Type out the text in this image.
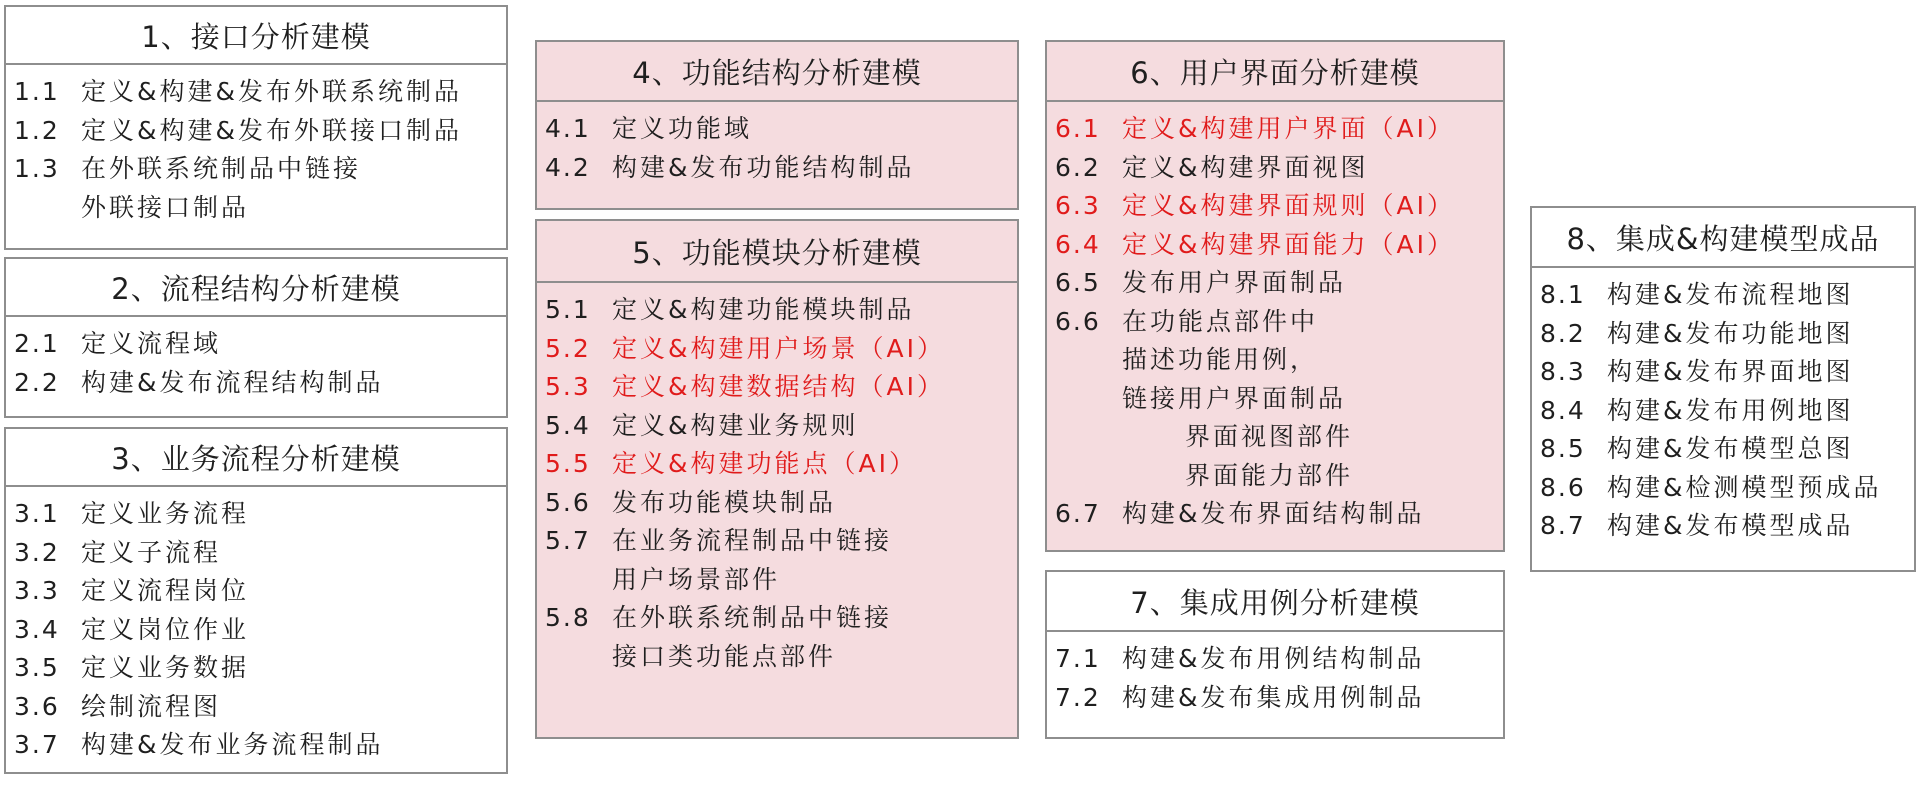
1、接口分析建模
1.1 定义&构建&发布外联系统制品
1.2 定义&构建&发布外联接口制品
1.3 在外联系统制品中链接
外联接口制品
2、流程结构分析建模
2.1 定义流程域
2.2 构建&发布流程结构制品
3、业务流程分析建模
3.1 定义业务流程
3.2 定义子流程
3.3 定义流程岗位
3.4 定义岗位作业
3.5 定义业务数据
3.6 绘制流程图
3.7 构建&发布业务流程制品
4、功能结构分析建模
4.1 定义功能域
4.2 构建&发布功能结构制品
5、功能模块分析建模
5.1 定义&构建功能模块制品
5.2 定义&构建用户场景（AI）
5.3 定义&构建数据结构（AI）
5.4 定义&构建业务规则
5.5 定义&构建功能点（AI）
5.6 发布功能模块制品
5.7 在业务流程制品中链接
用户场景部件
5.8 在外联系统制品中链接
接口类功能点部件
6、用户界面分析建模
6.1 定义&构建用户界面（AI）
6.2 定义&构建界面视图
6.3 定义&构建界面规则（AI）
6.4 定义&构建界面能力（AI）
6.5 发布用户界面制品
6.6 在功能点部件中
描述功能用例，
链接用户界面制品
界面视图部件
界面能力部件
6.7 构建&发布界面结构制品
7、集成用例分析建模
7.1 构建&发布用例结构制品
7.2 构建&发布集成用例制品
8、集成&构建模型成品
8.1 构建&发布流程地图
8.2 构建&发布功能地图
8.3 构建&发布界面地图
8.4 构建&发布用例地图
8.5 构建&发布模型总图
8.6 构建&检测模型预成品
8.7 构建&发布模型成品
